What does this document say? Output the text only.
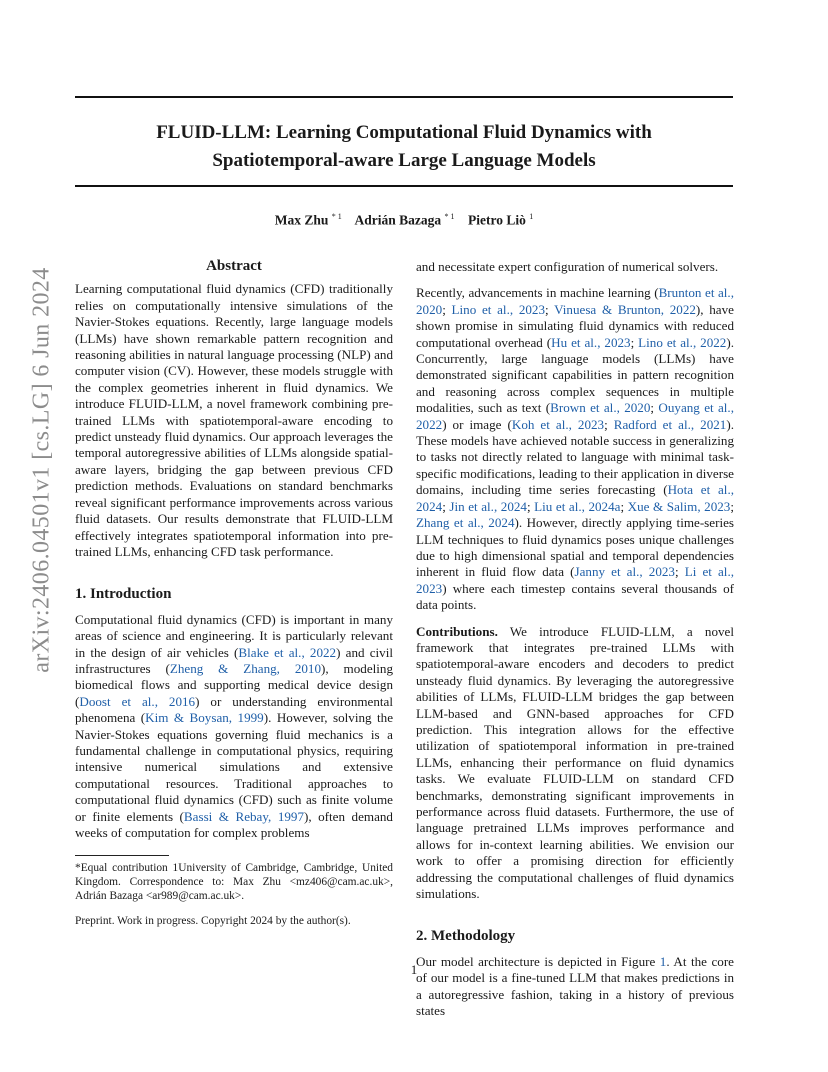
FLUID-LLM: Learning Computational Fluid Dynamics with
Spatiotemporal-aware Large Language Models
Max Zhu $^{* 1}$ Adrián Bazaga $^{* 1}$ Pietro Liò $^1$
arXiv:2406.04501v1 [cs.LG] 6 Jun 2024
Abstract

Learning computational fluid dynamics (CFD) traditionally relies on computationally intensive simulations of the Navier-Stokes equations. Recently, large language models (LLMs) have shown remarkable pattern recognition and reasoning abilities in natural language processing (NLP) and computer vision (CV). However, these models struggle with the complex geometries inherent in fluid dynamics. We introduce FLUID-LLM, a novel framework combining pre-trained LLMs with spatiotemporal-aware encoding to predict unsteady fluid dynamics. Our approach leverages the temporal autoregressive abilities of LLMs alongside spatial-aware layers, bridging the gap between previous CFD prediction methods. Evaluations on standard benchmarks reveal significant performance improvements across various fluid datasets. Our results demonstrate that FLUID-LLM effectively integrates spatiotemporal information into pre-trained LLMs, enhancing CFD task performance.

1. Introduction

Computational fluid dynamics (CFD) is important in many areas of science and engineering. It is particularly relevant in the design of air vehicles (Blake et al., 2022) and civil infrastructures (Zheng & Zhang, 2010), modeling biomedical flows and supporting medical device design (Doost et al., 2016) or understanding environmental phenomena (Kim & Boysan, 1999). However, solving the Navier-Stokes equations governing fluid mechanics is a fundamental challenge in computational physics, requiring intensive numerical simulations and extensive computational resources. Traditional approaches to computational fluid dynamics (CFD) such as finite volume or finite elements (Bassi & Rebay, 1997), often demand weeks of computation for complex problems

*Equal contribution 1University of Cambridge, Cambridge, United Kingdom. Correspondence to: Max Zhu <mz406@cam.ac.uk>, Adrián Bazaga <ar989@cam.ac.uk>.

Preprint. Work in progress. Copyright 2024 by the author(s).

and necessitate expert configuration of numerical solvers.

Recently, advancements in machine learning (Brunton et al., 2020; Lino et al., 2023; Vinuesa & Brunton, 2022), have shown promise in simulating fluid dynamics with reduced computational overhead (Hu et al., 2023; Lino et al., 2022). Concurrently, large language models (LLMs) have demonstrated significant capabilities in pattern recognition and reasoning across complex sequences in multiple modalities, such as text (Brown et al., 2020; Ouyang et al., 2022) or image (Koh et al., 2023; Radford et al., 2021). These models have achieved notable success in generalizing to tasks not directly related to language with minimal task-specific modifications, leading to their application in diverse domains, including time series forecasting (Hota et al., 2024; Jin et al., 2024; Liu et al., 2024a; Xue & Salim, 2023; Zhang et al., 2024). However, directly applying time-series LLM techniques to fluid dynamics poses unique challenges due to high dimensional spatial and temporal dependencies inherent in fluid flow data (Janny et al., 2023; Li et al., 2023) where each timestep contains several thousands of data points.

Contributions. We introduce FLUID-LLM, a novel framework that integrates pre-trained LLMs with spatiotemporal-aware encoders and decoders to predict unsteady fluid dynamics. By leveraging the autoregressive abilities of LLMs, FLUID-LLM bridges the gap between LLM-based and GNN-based approaches for CFD prediction. This integration allows for the effective utilization of spatiotemporal information in pre-trained LLMs, enhancing their performance on fluid dynamics tasks. We evaluate FLUID-LLM on standard CFD benchmarks, demonstrating significant improvements in performance across fluid datasets. Furthermore, the use of language pretrained LLMs improves performance and allows for in-context learning abilities. We envision our work to offer a promising direction for efficiently addressing the computational challenges of fluid dynamics simulations.

2. Methodology

Our model architecture is depicted in Figure 1. At the core of our model is a fine-tuned LLM that makes predictions in a autoregressive fashion, taking in a history of previous states

1
